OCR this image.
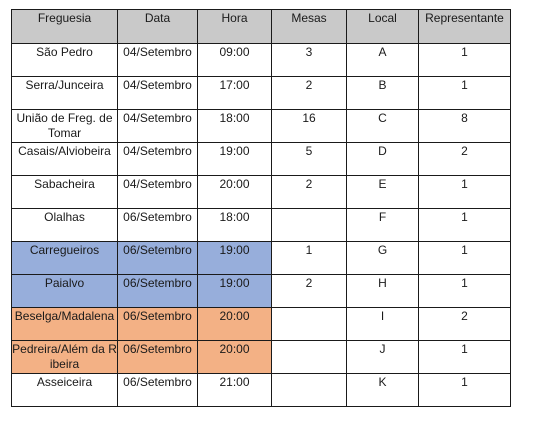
Freguesia	Data	Hora	Mesas	Local	Representante
São Pedro	04/Setembro	09:00	3	A	1
Serra/Junceira	04/Setembro	17:00	2	B	1
União de Freg. de Tomar	04/Setembro	18:00	16	C	8
Casais/Alviobeira	04/Setembro	19:00	5	D	2
Sabacheira	04/Setembro	20:00	2	E	1
Olalhas	06/Setembro	18:00		F	1
Carregueiros	06/Setembro	19:00	1	G	1
Paialvo	06/Setembro	19:00	2	H	1
Beselga/Madalena	06/Setembro	20:00		I	2
Pedreira/Além da Ribeira	06/Setembro	20:00		J	1
Asseiceira	06/Setembro	21:00		K	1
